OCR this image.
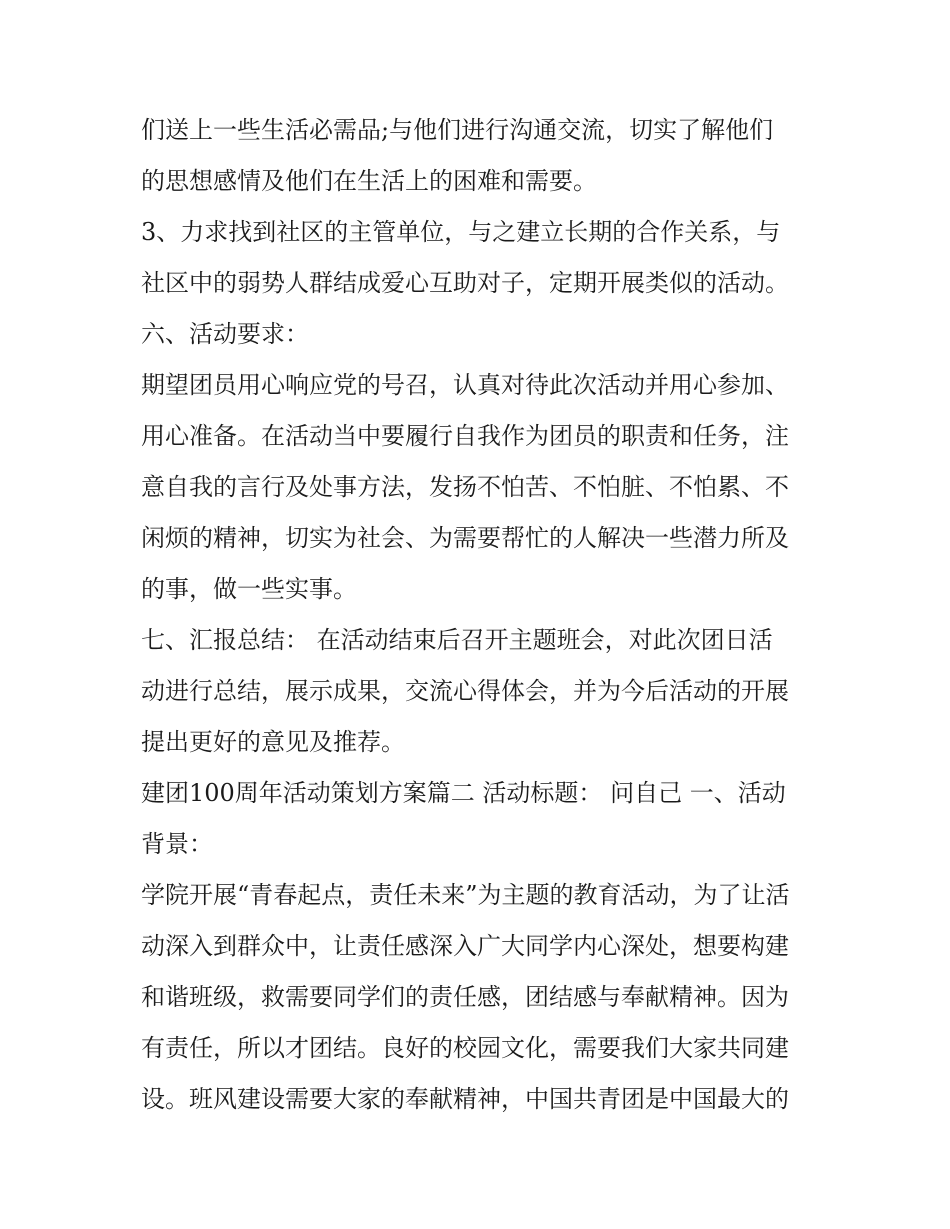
们送上一些生活必需品;与他们进行沟通交流，切实了解他们
的思想感情及他们在生活上的困难和需要。
3、力求找到社区的主管单位，与之建立长期的合作关系，与
社区中的弱势人群结成爱心互助对子，定期开展类似的活动。
六、活动要求：
期望团员用心响应党的号召，认真对待此次活动并用心参加、
用心准备。在活动当中要履行自我作为团员的职责和任务，注
意自我的言行及处事方法，发扬不怕苦、不怕脏、不怕累、不
闲烦的精神，切实为社会、为需要帮忙的人解决一些潜力所及
的事，做一些实事。
七、汇报总结： 在活动结束后召开主题班会，对此次团日活
动进行总结，展示成果，交流心得体会，并为今后活动的开展
提出更好的意见及推荐。
建团100周年活动策划方案篇二 活动标题： 问自己 一、活动
背景：
学院开展“青春起点，责任未来”为主题的教育活动，为了让活
动深入到群众中，让责任感深入广大同学内心深处，想要构建
和谐班级，救需要同学们的责任感，团结感与奉献精神。因为
有责任，所以才团结。良好的校园文化，需要我们大家共同建
设。班风建设需要大家的奉献精神，中国共青团是中国最大的
